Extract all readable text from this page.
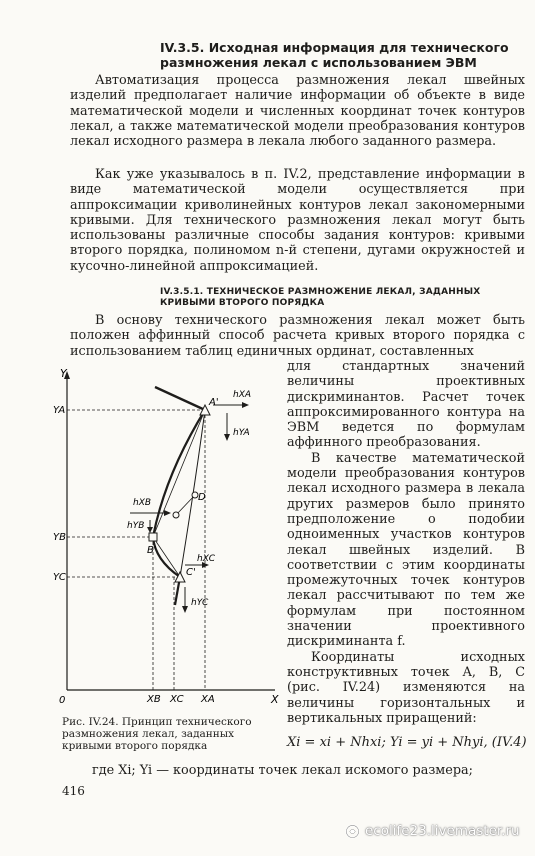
IV.3.5. Исходная информация для технического размножения лекал с использованием ЭВМ

Автоматизация процесса размножения лекал швейных изделий предполагает наличие информации об объекте в виде математической модели и численных координат точек контуров лекал, а также математической модели преобразования контуров лекал исходного размера в лекала любого заданного размера.

Как уже указывалось в п. IV.2, представление информации в виде математической модели осуществляется при аппроксимации криволинейных контуров лекал закономерными кривыми. Для технического размножения лекал могут быть использованы различные способы задания контуров: кривыми второго порядка, полиномом n-й степени, дугами окружностей и кусочно-линейной аппроксимацией.

IV.3.5.1. ТЕХНИЧЕСКОЕ РАЗМНОЖЕНИЕ ЛЕКАЛ, ЗАДАННЫХ КРИВЫМИ ВТОРОГО ПОРЯДКА

В основу технического размножения лекал может быть положен аффинный способ расчета кривых второго порядка с использованием таблиц единичных ординат, составленных

для стандартных значений величины проективных дискриминантов. Расчет точек аппроксимированного контура на ЭВМ ведется по формулам аффинного преобразования.

В качестве математической модели преобразования контуров лекал исходного размера в лекала других размеров было принято предположение о подобии одноименных участков контуров лекал швейных изделий. В соответствии с этим координаты промежуточных точек контуров лекал рассчитывают по тем же формулам при постоянном значении проективного дискриминанта f.

Координаты исходных конструктивных точек A, B, C (рис. IV.24) изменяются на величины горизонтальных и вертикальных приращений:

Y
X
0
YA
YB
YC
XB XC XA
A'
B'
C'
D
hXA
hYA
hXB
hYB
hXC
hYC
Рис. IV.24. Принцип технического размножения лекал, заданных кривыми второго порядка	Xi = xi + Nhxi; Yi = yi + Nhyi, (IV.4)
где Xi; Yi — координаты точек лекал искомого размера;
416
ecolife23.livemaster.ru
